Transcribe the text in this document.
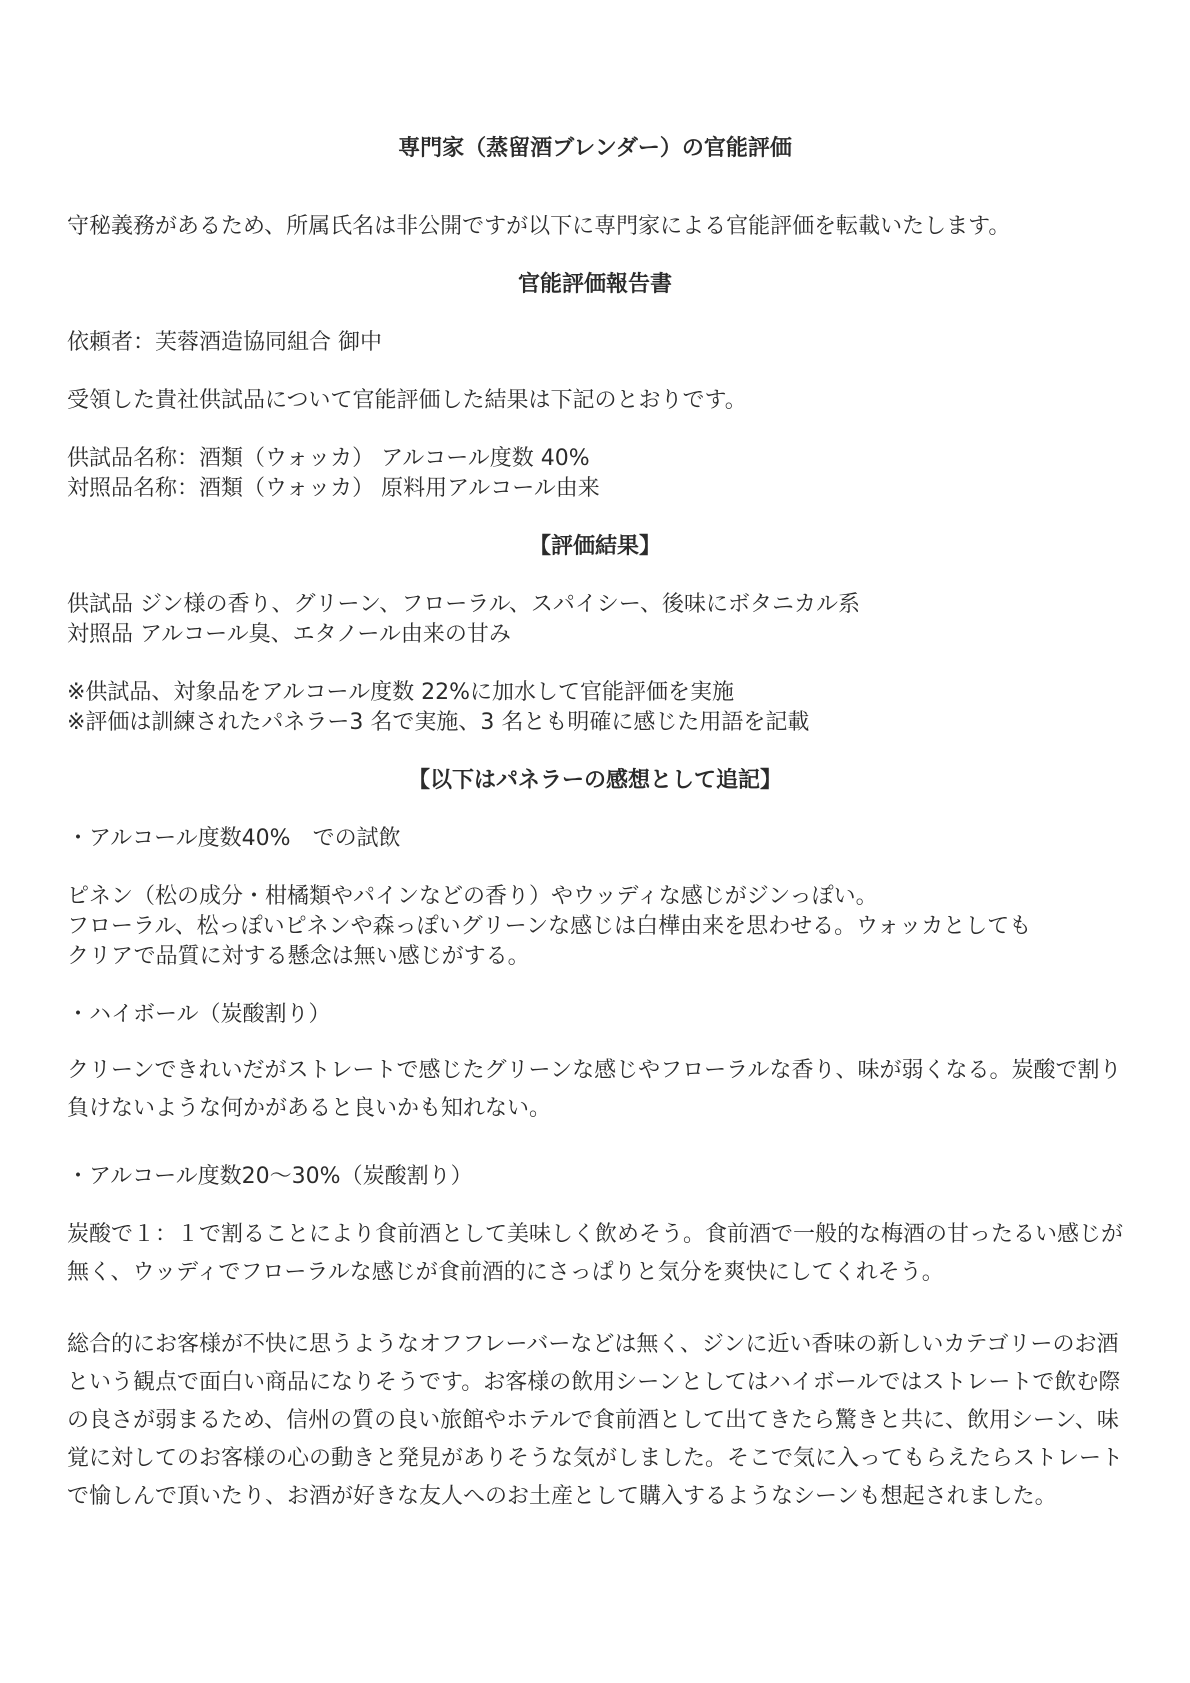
専門家（蒸留酒ブレンダー）の官能評価
守秘義務があるため、所属氏名は非公開ですが以下に専門家による官能評価を転載いたします。
官能評価報告書
依頼者：芙蓉酒造協同組合 御中
受領した貴社供試品について官能評価した結果は下記のとおりです。
供試品名称：酒類（ウォッカ） アルコール度数 40%
対照品名称：酒類（ウォッカ） 原料用アルコール由来
【評価結果】
供試品 ジン様の香り、グリーン、フローラル、スパイシー、後味にボタニカル系
対照品 アルコール臭、エタノール由来の甘み
※供試品、対象品をアルコール度数 22%に加水して官能評価を実施
※評価は訓練されたパネラー3 名で実施、3 名とも明確に感じた用語を記載
【以下はパネラーの感想として追記】
・アルコール度数40%　での試飲
ピネン（松の成分・柑橘類やパインなどの香り）やウッディな感じがジンっぽい。
フローラル、松っぽいピネンや森っぽいグリーンな感じは白樺由来を思わせる。ウォッカとしても
クリアで品質に対する懸念は無い感じがする。
・ハイボール（炭酸割り）
クリーンできれいだがストレートで感じたグリーンな感じやフローラルな香り、味が弱くなる。炭酸で割り負けないような何かがあると良いかも知れない。
・アルコール度数20〜30%（炭酸割り）
炭酸で１：１で割ることにより食前酒として美味しく飲めそう。食前酒で一般的な梅酒の甘ったるい感じが無く、ウッディでフローラルな感じが食前酒的にさっぱりと気分を爽快にしてくれそう。
総合的にお客様が不快に思うようなオフフレーバーなどは無く、ジンに近い香味の新しいカテゴリーのお酒という観点で面白い商品になりそうです。お客様の飲用シーンとしてはハイボールではストレートで飲む際の良さが弱まるため、信州の質の良い旅館やホテルで食前酒として出てきたら驚きと共に、飲用シーン、味覚に対してのお客様の心の動きと発見がありそうな気がしました。そこで気に入ってもらえたらストレートで愉しんで頂いたり、お酒が好きな友人へのお土産として購入するようなシーンも想起されました。
